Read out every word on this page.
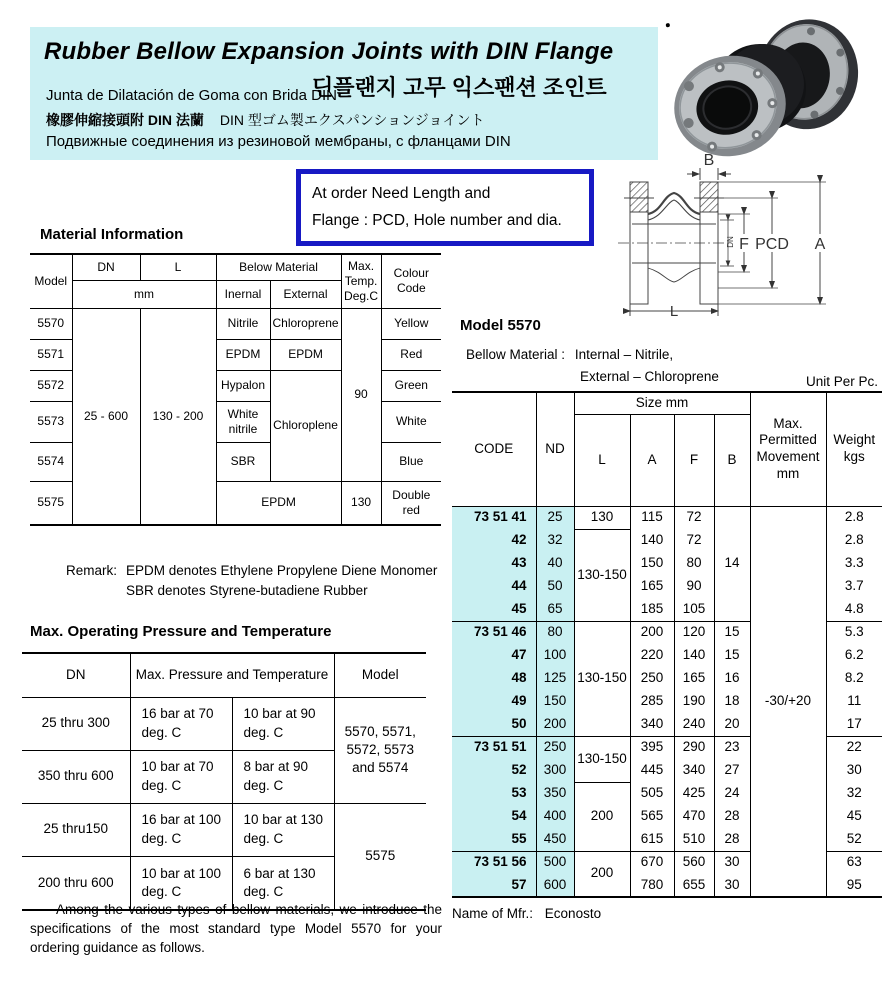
Rubber Bellow Expansion Joints with DIN Flange
딘플랜지 고무 익스팬션 조인트
Junta de Dilatación de Goma con Brida DIN
橡膠伸縮接頭附 DIN 法蘭 DIN 型ゴム製エクスパンションジョイント
Подвижные соединения из резиновой мембраны, с фланцами DIN
At order Need Length and
Flange : PCD, Hole number and dia.
B
DN F PCD A
L
Material Information
Model	DN	L	Below Material		Max. Temp. Deg.C	Colour Code
	mm		Inernal	External		
5570	25 - 600	130 - 200	Nitrile	Chloroprene	90	Yellow
5571			EPDM	EPDM		Red
5572			Hypalon	Chloroplene		Green
5573			White nitrile			White
5574			SBR			Blue
5575			EPDM		130	Double red
Remark: EPDM denotes Ethylene Propylene Diene Monomer
SBR denotes Styrene-butadiene Rubber
Max. Operating Pressure and Temperature
DN	Max. Pressure and Temperature		Model
25 thru 300	16 bar at 70 deg. C	10 bar at 90 deg. C	5570, 5571, 5572, 5573 and 5574
350 thru 600	10 bar at 70 deg. C	8 bar at 90 deg. C	
25 thru150	16 bar at 100 deg. C	10 bar at 130 deg. C	5575
200 thru 600	10 bar at 100 deg. C	6 bar at 130 deg. C	
Among the various types of bellow materials, we introduce the specifications of the most standard type Model 5570 for your ordering guidance as follows.
Model 5570
Bellow Material : Internal – Nitrile,
External – Chloroprene	Unit Per Pc.
CODE	ND	Size mm				Max. Permitted Movement mm	Weight kgs
		L	A	F	B		
73 51 41	25	130	115	72	14	-30/+20	2.8
42	32	130-150	140	72			2.8
43	40		150	80			3.3
44	50		165	90			3.7
45	65		185	105			4.8
73 51 46	80	130-150	200	120	15		5.3
47	100		220	140	15		6.2
48	125		250	165	16		8.2
49	150		285	190	18		11
50	200		340	240	20		17
73 51 51	250	130-150	395	290	23		22
52	300		445	340	27		30
53	350	200	505	425	24		32
54	400		565	470	28		45
55	450		615	510	28		52
73 51 56	500	200	670	560	30		63
57	600		780	655	30		95
Name of Mfr.: Econosto
